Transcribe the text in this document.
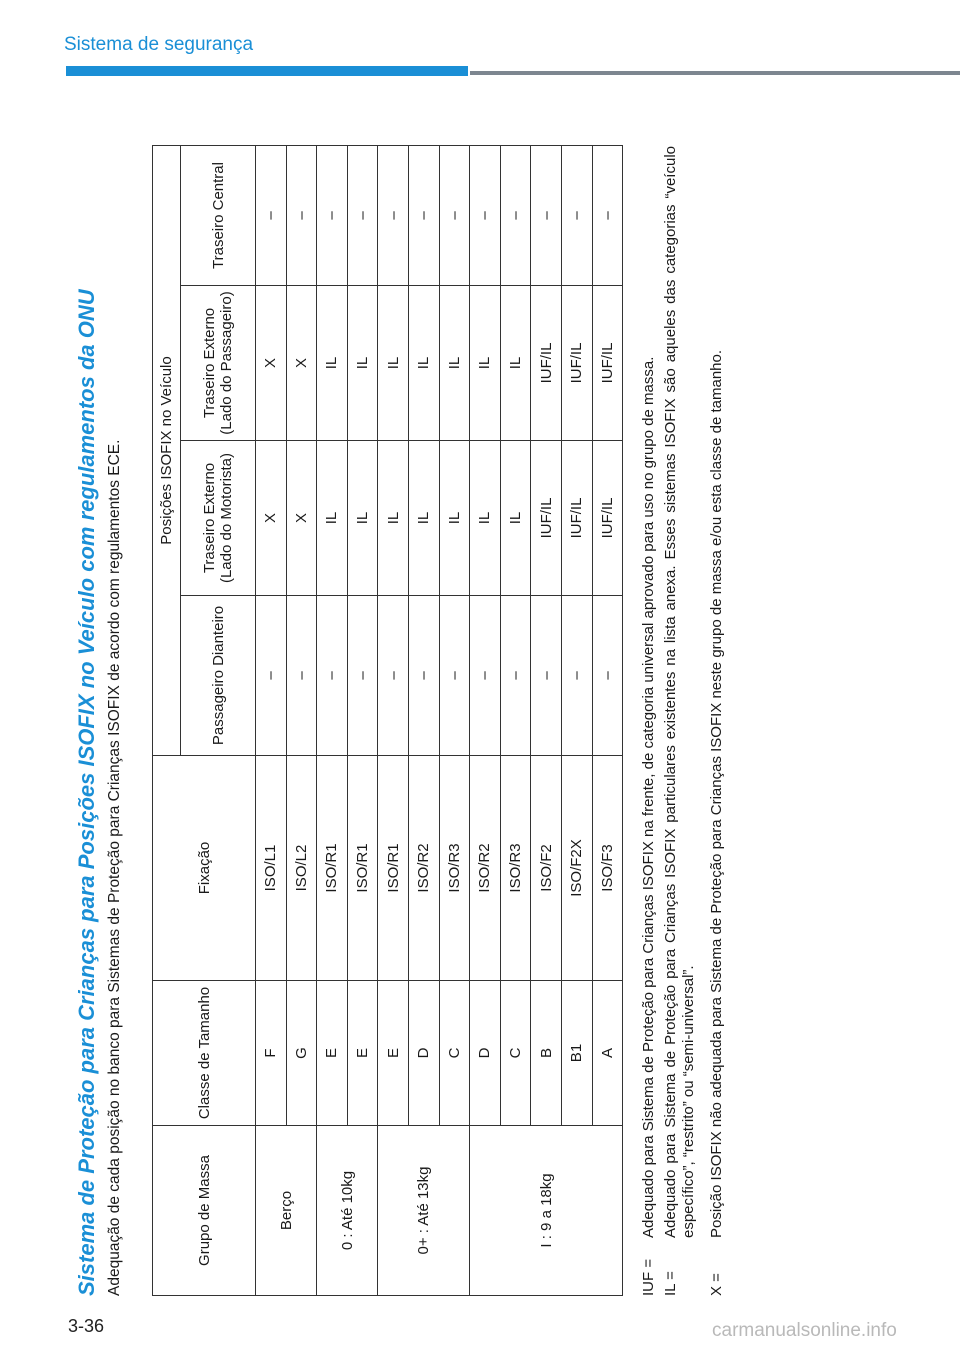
Sistema de segurança
3-36	carmanualsonline.info
Sistema de Proteção para Crianças para Posições ISOFIX no Veículo com regulamentos da ONU Adequação de cada posição no banco para Sistemas de Proteção para Crianças ISOFIX de acordo com regulamentos ECE.	Grupo de Massa	Classe de Tamanho	Fixação	Posições ISOFIX no Veículo			
			Passageiro Dianteiro	Traseiro Externo (Lado do Motorista)	Traseiro Externo (Lado do Passageiro)	Traseiro Central
Berço	F	ISO/L1	–	X	X	–
	G	ISO/L2	–	X	X	–
0 : Até 10kg	E	ISO/R1	–	IL	IL	–
	E	ISO/R1	–	IL	IL	–
0+ : Até 13kg	E	ISO/R1	–	IL	IL	–
	D	ISO/R2	–	IL	IL	–
	C	ISO/R3	–	IL	IL	–
I : 9 a 18kg	D	ISO/R2	–	IL	IL	–
	C	ISO/R3	–	IL	IL	–
	B	ISO/F2	–	IUF/IL	IUF/IL	–
	B1	ISO/F2X	–	IUF/IL	IUF/IL	–
	A	ISO/F3	–	IUF/IL	IUF/IL	–
IUF =
Adequado para Sistema de Proteção para Crianças ISOFIX na frente, de categoria universal aprovado para uso no grupo de massa.
IL =
Adequado para Sistema de Proteção para Crianças ISOFIX particulares existentes na lista anexa. Esses sistemas ISOFIX são aqueles das categorias “veículo específico”, “restrito” ou “semi-universal”.
X =
Posição ISOFIX não adequada para Sistema de Proteção para Crianças ISOFIX neste grupo de massa e/ou esta classe de tamanho.
